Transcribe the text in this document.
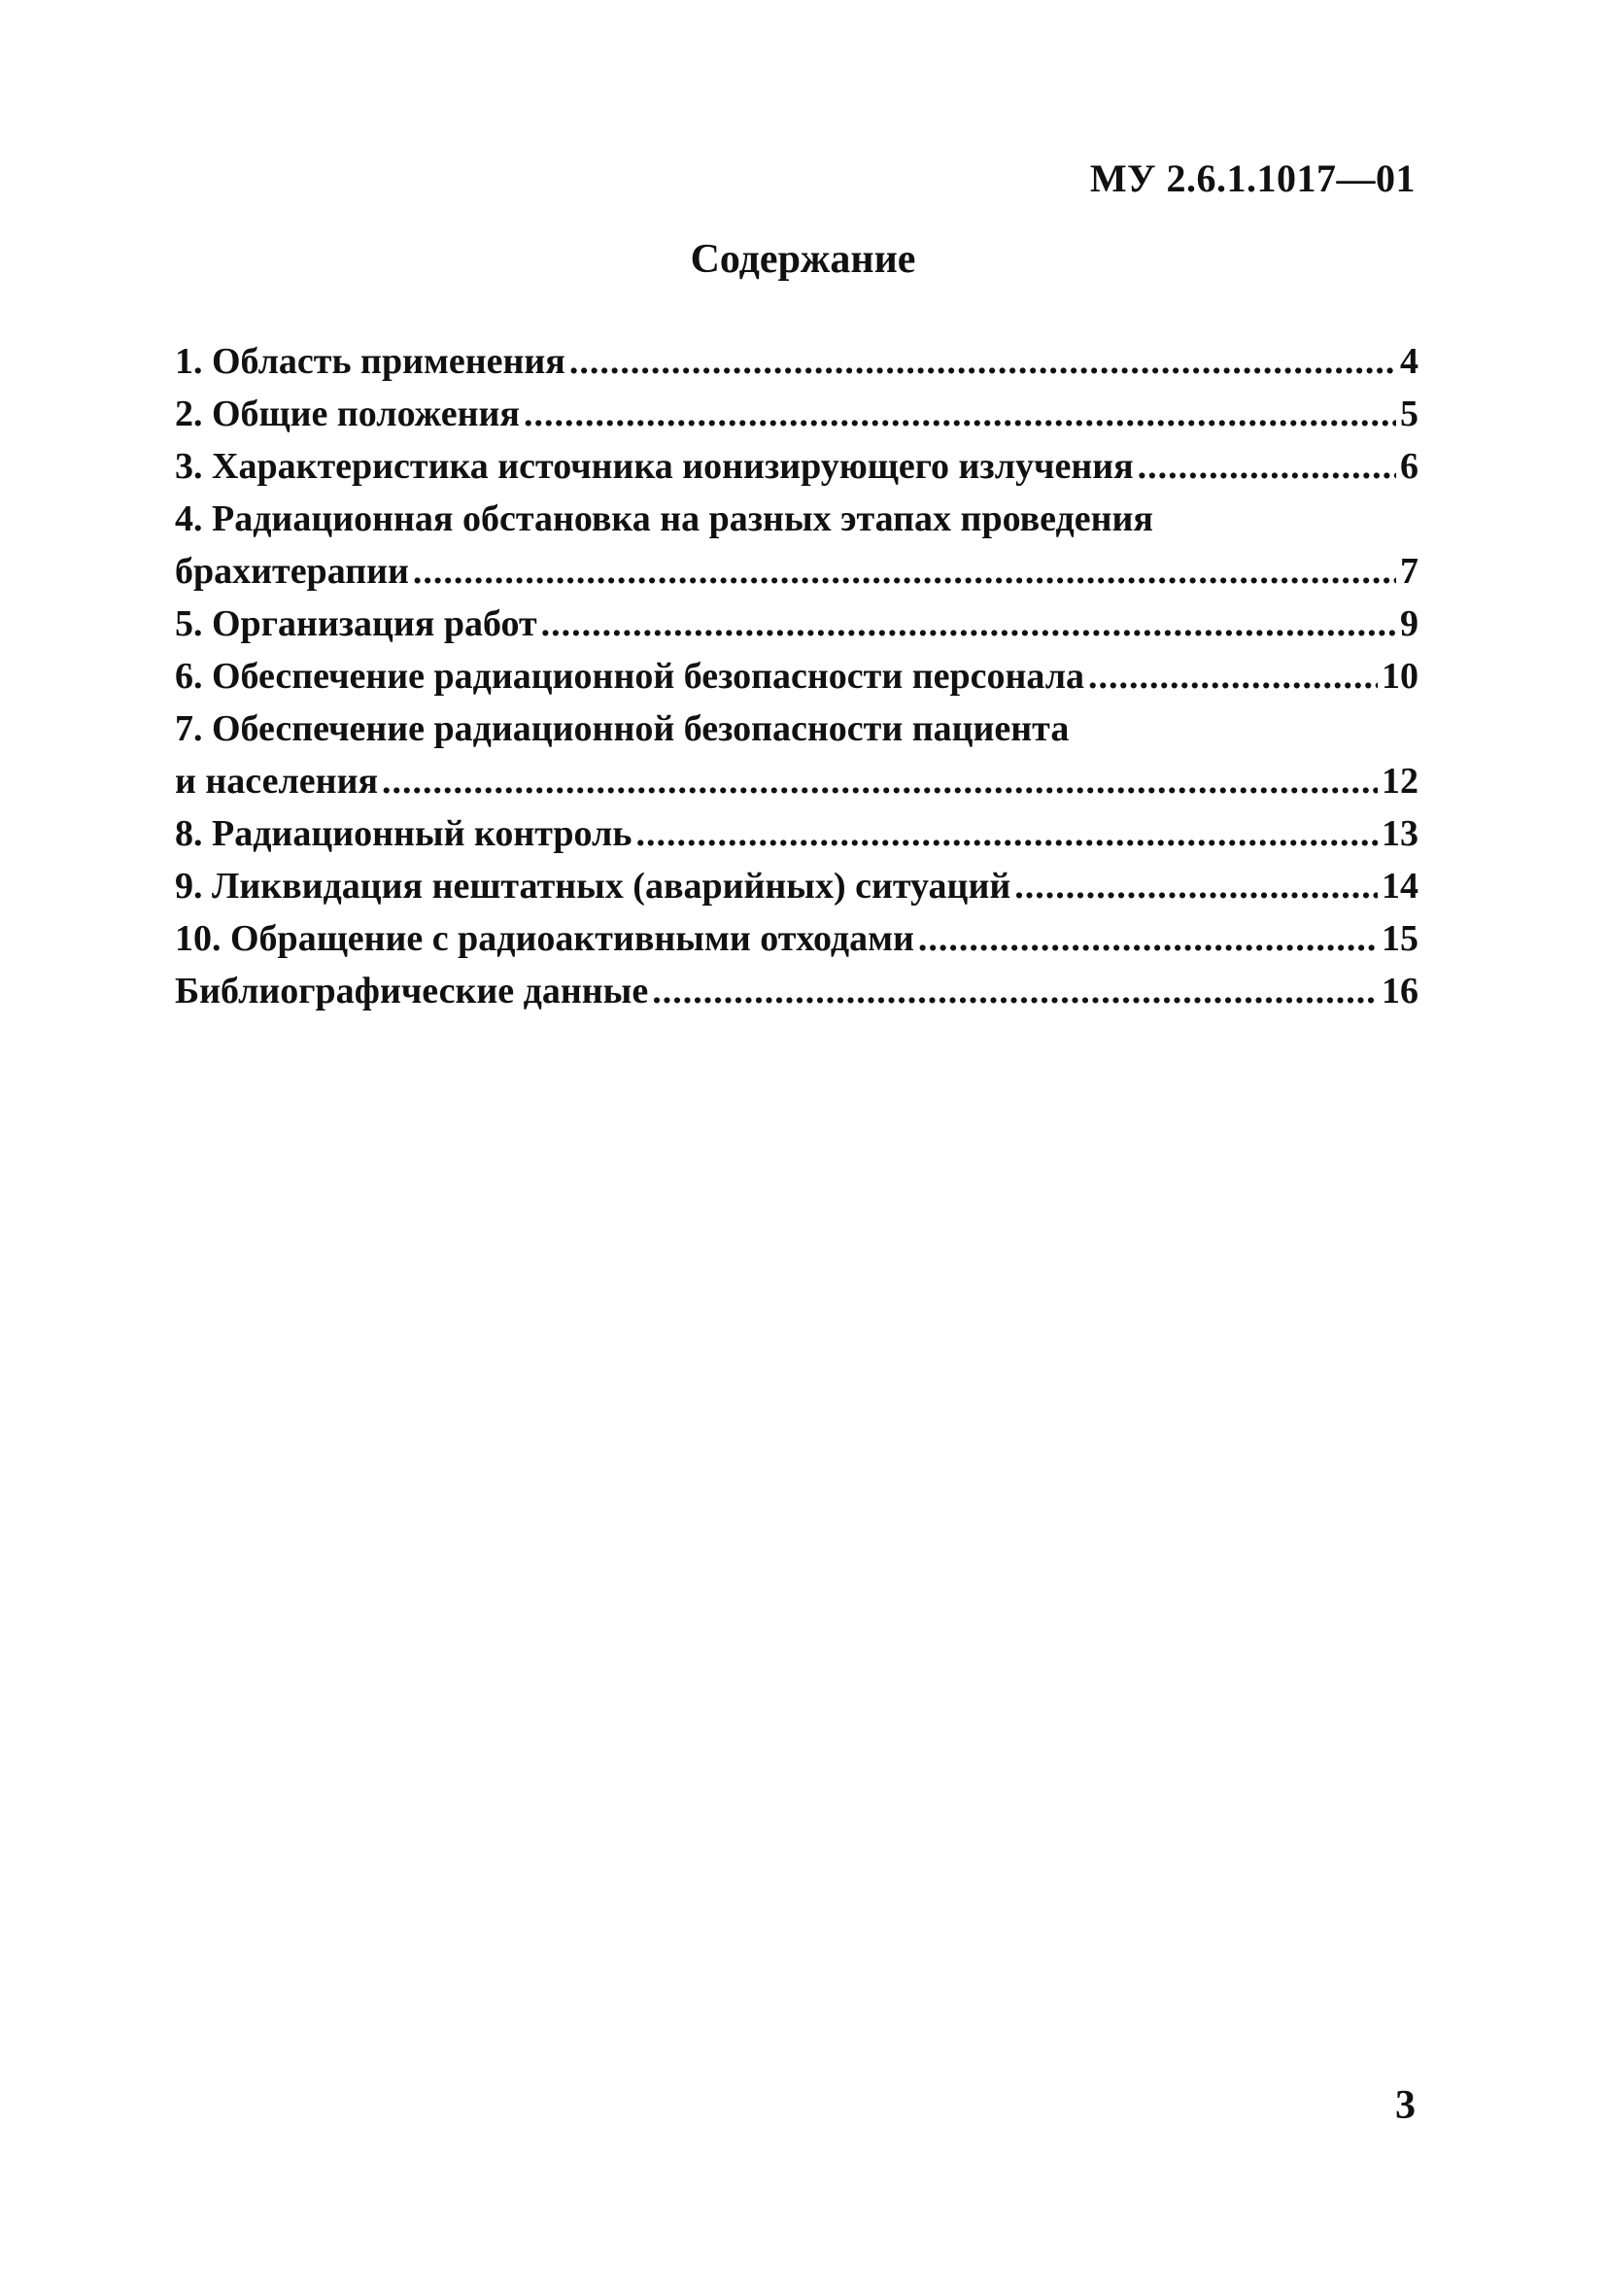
МУ 2.6.1.1017—01
Содержание
1. Область применения .....	4
2. Общие положения .....	5
3. Характеристика источника ионизирующего излучения .....	6
4. Радиационная обстановка на разных этапах проведения
брахитерапии .....	7
5. Организация работ .....	9
6. Обеспечение радиационной безопасности персонала .....	10
7. Обеспечение радиационной безопасности пациента
и населения .....	12
8. Радиационный контроль .....	13
9. Ликвидация нештатных (аварийных) ситуаций .....	14
10. Обращение с радиоактивными отходами .....	15
Библиографические данные .....	16
3
